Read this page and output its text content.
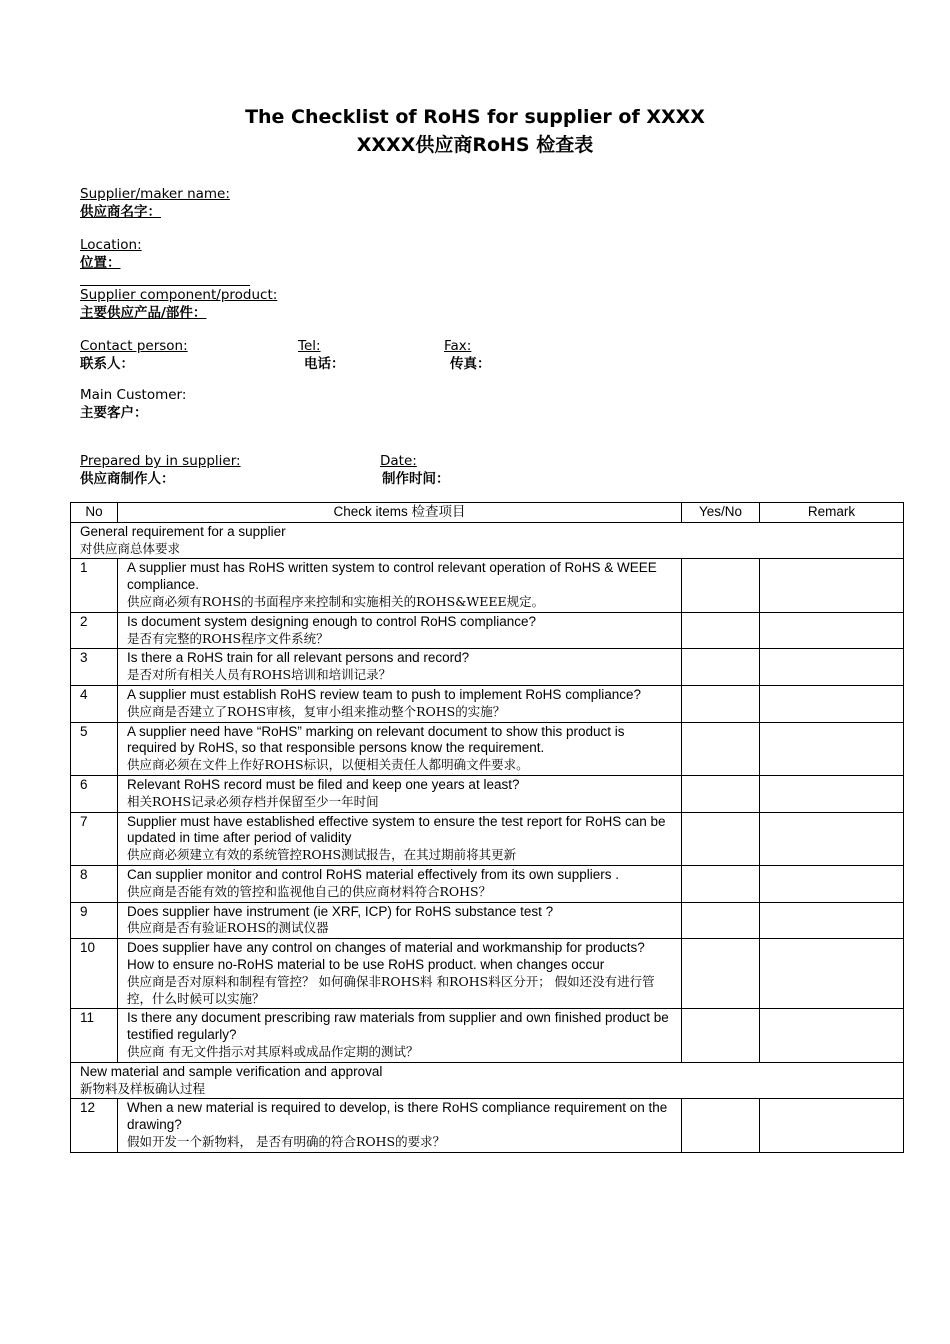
The Checklist of RoHS for supplier of XXXX
XXXX供应商RoHS 检查表
Supplier/maker name:
供应商名字：
Location:
位置：
Supplier component/product:
主要供应产品/部件：
Contact person:
联系人：
Tel:
电话：
Fax:
传真：
Main Customer:
主要客户：
Prepared by in supplier:
供应商制作人：
Date:
制作时间：
No	Check items 检查项目	Yes/No	Remark

General requirement for a supplier
对供应商总体要求			

1	A supplier must has RoHS written system to control relevant operation of RoHS & WEEE compliance.
供应商必须有ROHS的书面程序来控制和实施相关的ROHS&WEEE规定。		

2	Is document system designing enough to control RoHS compliance?
是否有完整的ROHS程序文件系统？		

3	Is there a RoHS train for all relevant persons and record?
是否对所有相关人员有ROHS培训和培训记录？		

4	A supplier must establish RoHS review team to push to implement RoHS compliance?
供应商是否建立了ROHS审核，复审小组来推动整个ROHS的实施？		

5	A supplier need have “RoHS” marking on relevant document to show this product is required by RoHS, so that responsible persons know the requirement.
供应商必须在文件上作好ROHS标识，以便相关责任人都明确文件要求。		

6	Relevant RoHS record must be filed and keep one years at least?
相关ROHS记录必须存档并保留至少一年时间		

7	Supplier must have established effective system to ensure the test report for RoHS can be updated in time after period of validity
供应商必须建立有效的系统管控ROHS测试报告，在其过期前将其更新		

8	Can supplier monitor and control RoHS material effectively from its own suppliers .
供应商是否能有效的管控和监视他自己的供应商材料符合ROHS？		

9	Does supplier have instrument (ie XRF, ICP) for RoHS substance test ?
供应商是否有验证ROHS的测试仪器		

10	Does supplier have any control on changes of material and workmanship for products? How to ensure no-RoHS material to be use RoHS product. when changes occur
供应商是否对原料和制程有管控？ 如何确保非ROHS料 和ROHS料区分开； 假如还没有进行管控，什么时候可以实施？		

11	Is there any document prescribing raw materials from supplier and own finished product be testified regularly?
供应商 有无文件指示对其原料或成品作定期的测试？		

New material and sample verification and approval
新物料及样板确认过程			

12	When a new material is required to develop, is there RoHS compliance requirement on the drawing?
假如开发一个新物料， 是否有明确的符合ROHS的要求？		
